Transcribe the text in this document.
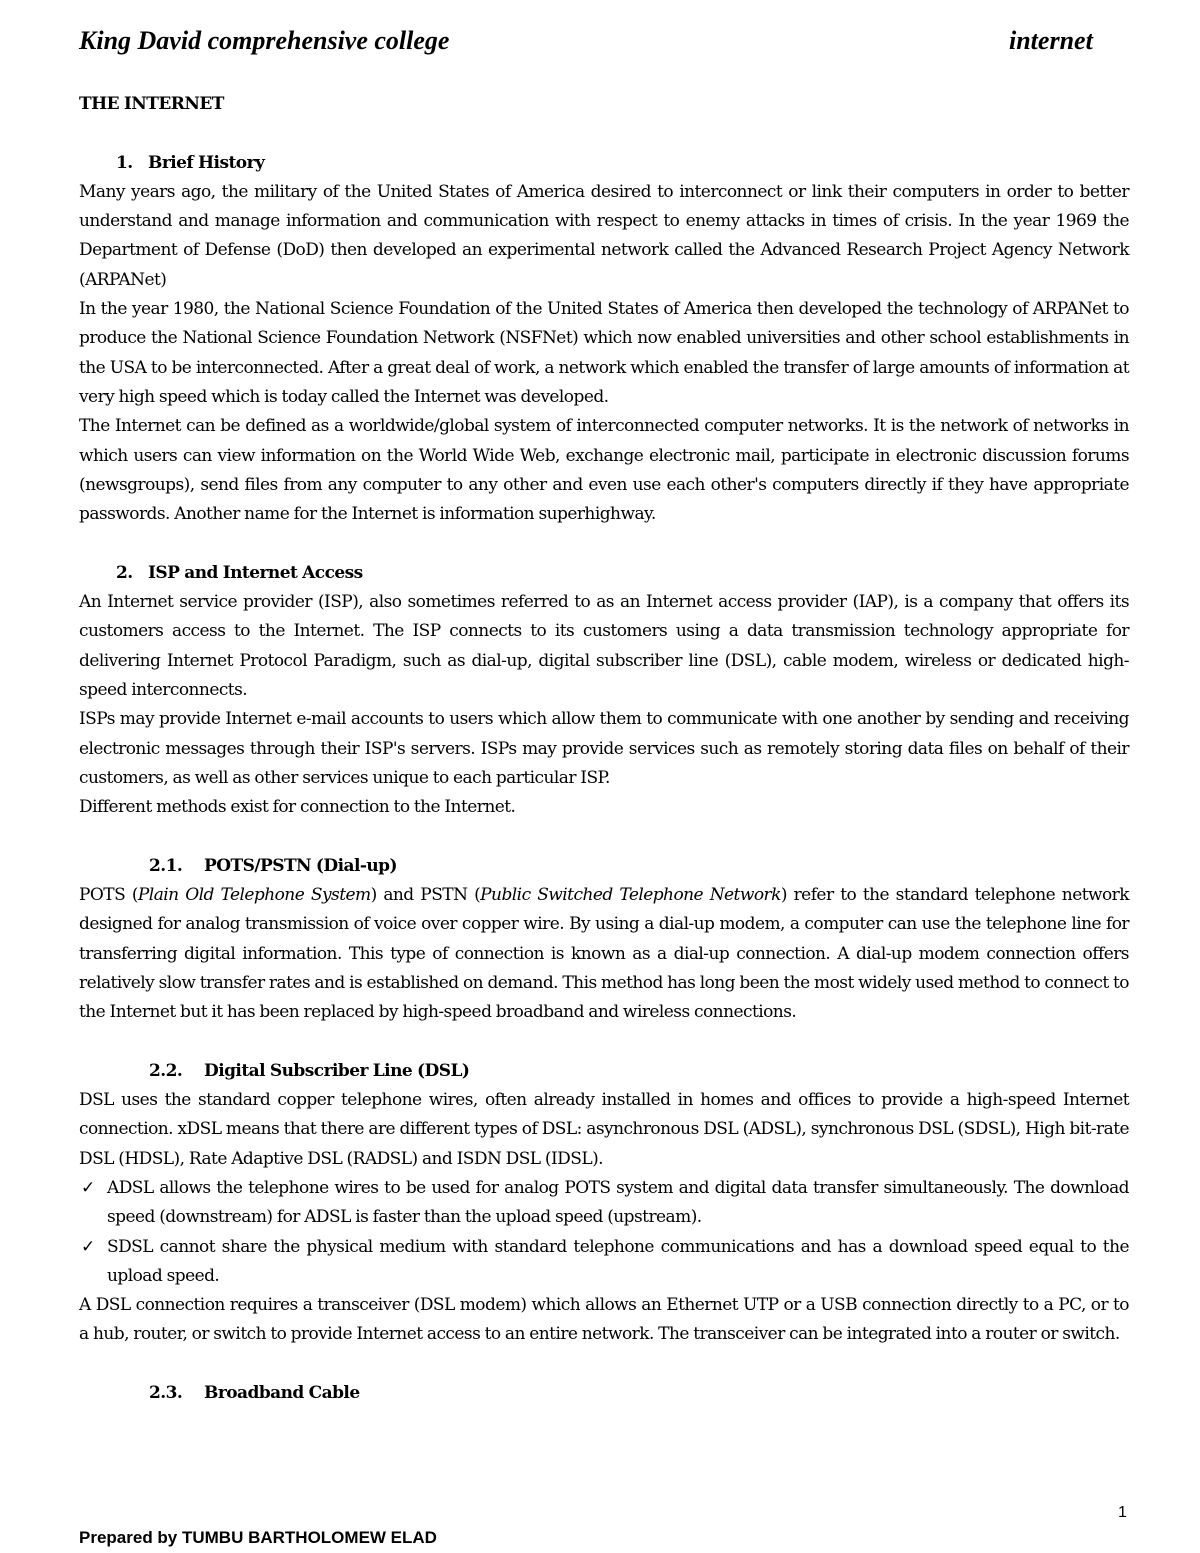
King David comprehensive college	internet

THE INTERNET

1. Brief History

Many years ago, the military of the United States of America desired to interconnect or link their computers in order to better understand and manage information and communication with respect to enemy attacks in times of crisis. In the year 1969 the Department of Defense (DoD) then developed an experimental network called the Advanced Research Project Agency Network (ARPANet)

In the year 1980, the National Science Foundation of the United States of America then developed the technology of ARPANet to produce the National Science Foundation Network (NSFNet) which now enabled universities and other school establishments in the USA to be interconnected. After a great deal of work, a network which enabled the transfer of large amounts of information at very high speed which is today called the Internet was developed.

The Internet can be defined as a worldwide/global system of interconnected computer networks. It is the network of networks in which users can view information on the World Wide Web, exchange electronic mail, participate in electronic discussion forums (newsgroups), send files from any computer to any other and even use each other's computers directly if they have appropriate passwords. Another name for the Internet is information superhighway.

2. ISP and Internet Access

An Internet service provider (ISP), also sometimes referred to as an Internet access provider (IAP), is a company that offers its customers access to the Internet. The ISP connects to its customers using a data transmission technology appropriate for delivering Internet Protocol Paradigm, such as dial-up, digital subscriber line (DSL), cable modem, wireless or dedicated high-speed interconnects.

ISPs may provide Internet e-mail accounts to users which allow them to communicate with one another by sending and receiving electronic messages through their ISP's servers. ISPs may provide services such as remotely storing data files on behalf of their customers, as well as other services unique to each particular ISP.

Different methods exist for connection to the Internet.

2.1. POTS/PSTN (Dial-up)

POTS (Plain Old Telephone System) and PSTN (Public Switched Telephone Network) refer to the standard telephone network designed for analog transmission of voice over copper wire. By using a dial-up modem, a computer can use the telephone line for transferring digital information. This type of connection is known as a dial-up connection. A dial-up modem connection offers relatively slow transfer rates and is established on demand. This method has long been the most widely used method to connect to the Internet but it has been replaced by high-speed broadband and wireless connections.

2.2. Digital Subscriber Line (DSL)

DSL uses the standard copper telephone wires, often already installed in homes and offices to provide a high-speed Internet connection. xDSL means that there are different types of DSL: asynchronous DSL (ADSL), synchronous DSL (SDSL), High bit-rate DSL (HDSL), Rate Adaptive DSL (RADSL) and ISDN DSL (IDSL).

✓ ADSL allows the telephone wires to be used for analog POTS system and digital data transfer simultaneously. The download speed (downstream) for ADSL is faster than the upload speed (upstream).

✓ SDSL cannot share the physical medium with standard telephone communications and has a download speed equal to the upload speed.

A DSL connection requires a transceiver (DSL modem) which allows an Ethernet UTP or a USB connection directly to a PC, or to a hub, router, or switch to provide Internet access to an entire network. The transceiver can be integrated into a router or switch.

2.3. Broadband Cable

1
Prepared by TUMBU BARTHOLOMEW ELAD
